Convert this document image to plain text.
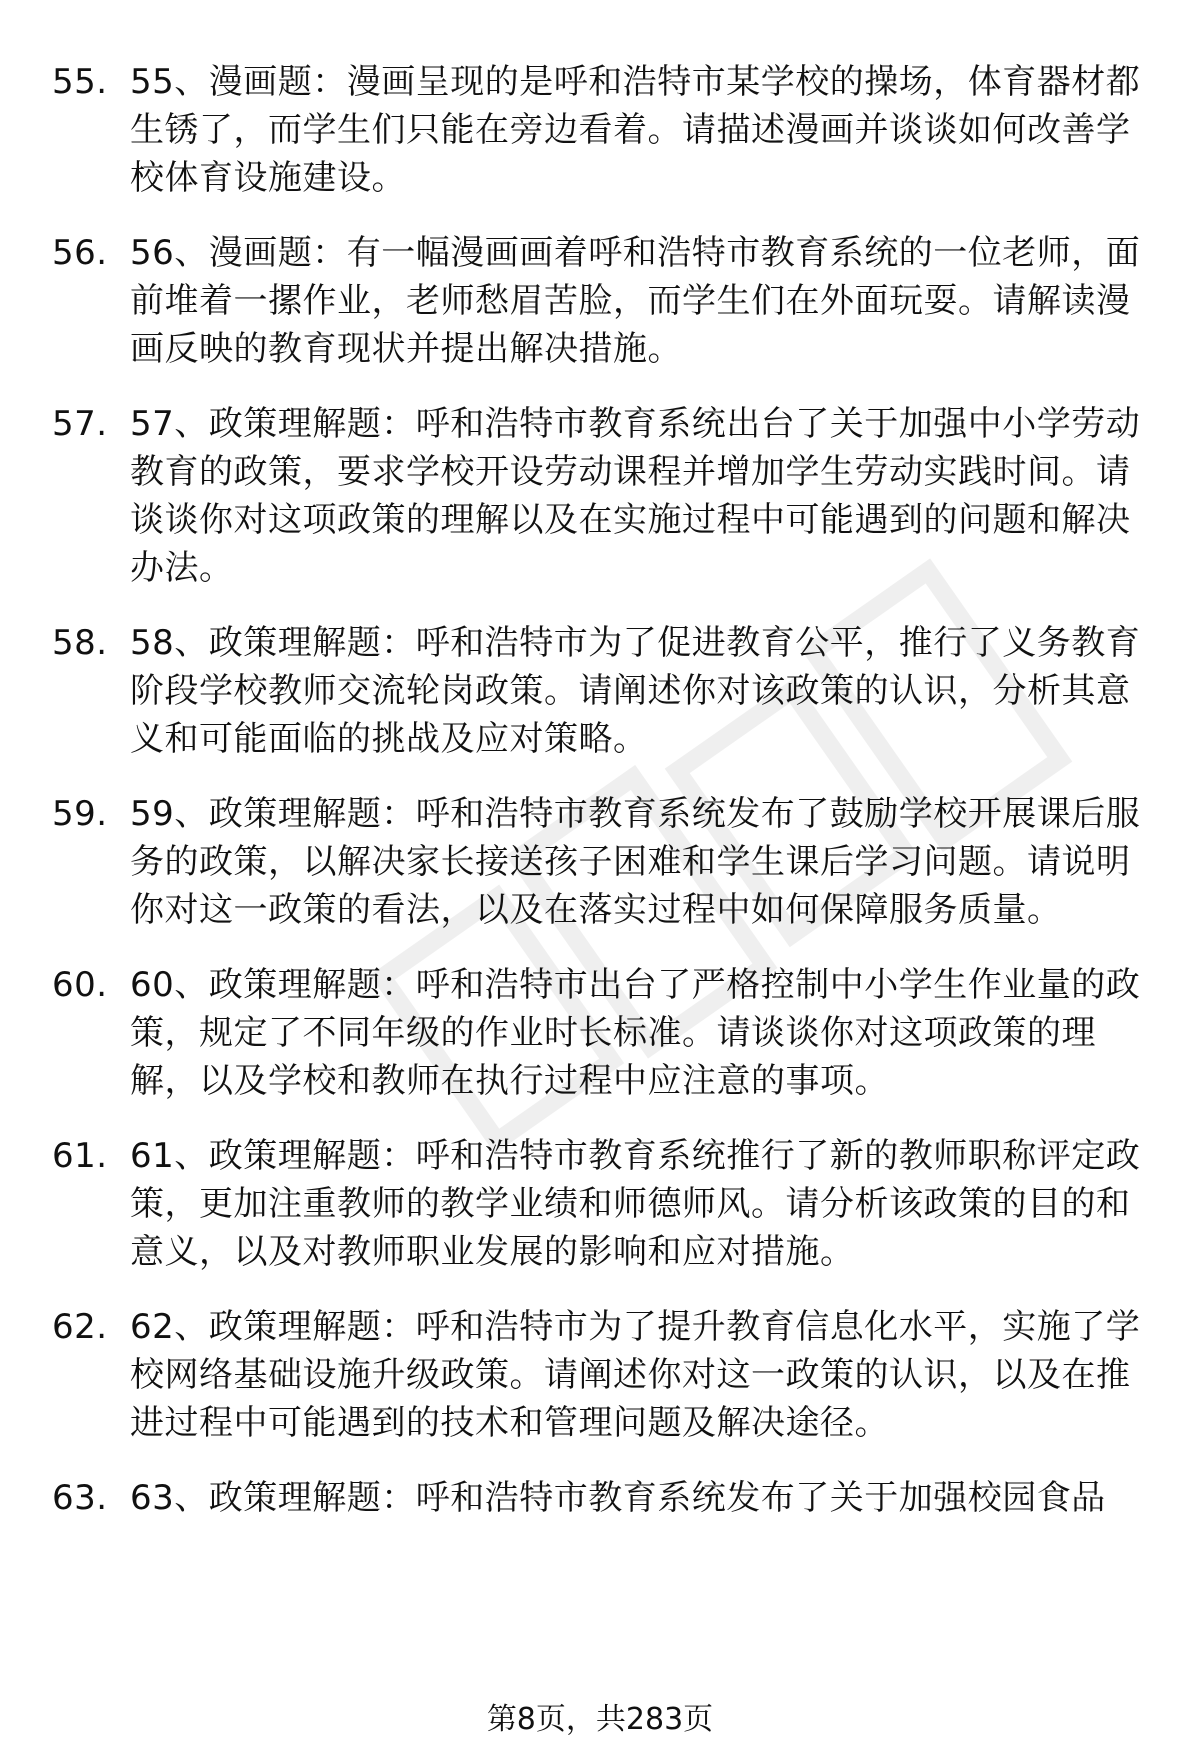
55. 55、漫画题：漫画呈现的是呼和浩特市某学校的操场，体育器材都生锈了，而学生们只能在旁边看着。请描述漫画并谈谈如何改善学校体育设施建设。
56. 56、漫画题：有一幅漫画画着呼和浩特市教育系统的一位老师，面前堆着一摞作业，老师愁眉苦脸，而学生们在外面玩耍。请解读漫画反映的教育现状并提出解决措施。
57. 57、政策理解题：呼和浩特市教育系统出台了关于加强中小学劳动教育的政策，要求学校开设劳动课程并增加学生劳动实践时间。请谈谈你对这项政策的理解以及在实施过程中可能遇到的问题和解决办法。
58. 58、政策理解题：呼和浩特市为了促进教育公平，推行了义务教育阶段学校教师交流轮岗政策。请阐述你对该政策的认识，分析其意义和可能面临的挑战及应对策略。
59. 59、政策理解题：呼和浩特市教育系统发布了鼓励学校开展课后服务的政策，以解决家长接送孩子困难和学生课后学习问题。请说明你对这一政策的看法，以及在落实过程中如何保障服务质量。
60. 60、政策理解题：呼和浩特市出台了严格控制中小学生作业量的政策，规定了不同年级的作业时长标准。请谈谈你对这项政策的理解，以及学校和教师在执行过程中应注意的事项。
61. 61、政策理解题：呼和浩特市教育系统推行了新的教师职称评定政策，更加注重教师的教学业绩和师德师风。请分析该政策的目的和意义，以及对教师职业发展的影响和应对措施。
62. 62、政策理解题：呼和浩特市为了提升教育信息化水平，实施了学校网络基础设施升级政策。请阐述你对这一政策的认识，以及在推进过程中可能遇到的技术和管理问题及解决途径。
63. 63、政策理解题：呼和浩特市教育系统发布了关于加强校园食品
第8页，共283页
